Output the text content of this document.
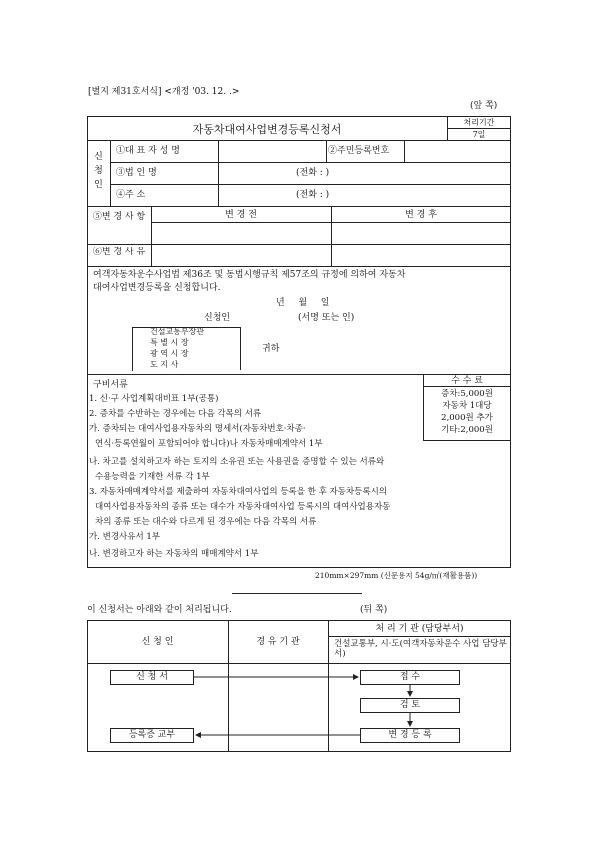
[별지 제31호서식] <개정 '03. 12. .>
(앞 쪽)
자동차대여사업변경등록신청서
처리기간
7일
신
청
인
①대 표 자 성 명	②주민등록번호
③법 인 명	(전화 : )
④주 소	(전화 : )
⑤변 경 사 항	변 경 전	변 경 후
⑥변 경 사 유
여객자동차운수사업법 제36조 및 동법시행규칙 제57조의 규정에 의하여 자동차
대여사업변경등록을 신청합니다.
년 월 일
신청인	(서명 또는 인)
건설교통부장관
특 별 시 장
광 역 시 장
도 지 사
귀하
수 수 료
증차:5,000원
자동차 1대당
2,000원 추가
기타:2,000원
구비서류
1. 신·구 사업계획대비표 1부(공통)
2. 증차를 수반하는 경우에는 다음 각목의 서류
가. 증차되는 대여사업용자동차의 명세서(자동차번호·차종·
연식·등록연월이 포함되어야 합니다)나 자동차매매계약서 1부
나. 차고를 설치하고자 하는 토지의 소유권 또는 사용권을 증명할 수 있는 서류와
수용능력을 기재한 서류 각 1부
3. 자동차매매계약서를 제출하여 자동차대여사업의 등록을 한 후 자동차등록시의
대여사업용자동차의 종류 또는 대수가 자동차대여사업 등록시의 대여사업용자동
차의 종류 또는 대수와 다르게 된 경우에는 다음 각목의 서류
가. 변경사유서 1부
나. 변경하고자 하는 자동차의 매매계약서 1부
210mm×297mm (신문용지 54g/㎡(재활용품))
이 신청서는 아래와 같이 처리됩니다.	(뒤 쪽)
신 청 인	경 유 기 관
처 리 기 관 (담당부서)
건설교통부, 시·도(여객자동차운수 사업 담당부서)
신 청 서	접 수
검 토
변 경 등 록
등록증 교부
